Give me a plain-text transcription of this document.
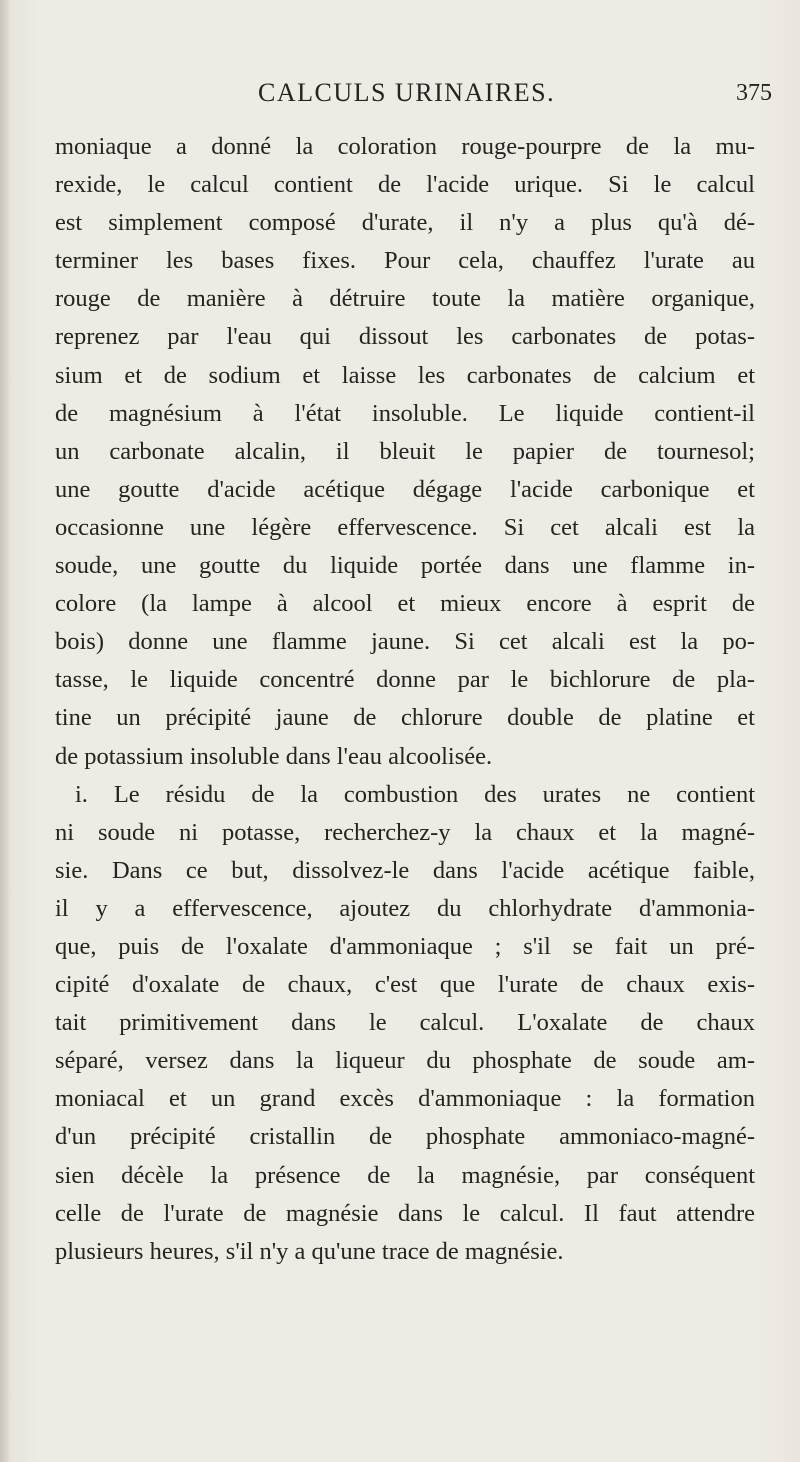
CALCULS URINAIRES.	375
moniaque a donné la coloration rouge-pourpre de la mu-
rexide, le calcul contient de l'acide urique. Si le calcul
est simplement composé d'urate, il n'y a plus qu'à dé-
terminer les bases fixes. Pour cela, chauffez l'urate au
rouge de manière à détruire toute la matière organique,
reprenez par l'eau qui dissout les carbonates de potas-
sium et de sodium et laisse les carbonates de calcium et
de magnésium à l'état insoluble. Le liquide contient-il
un carbonate alcalin, il bleuit le papier de tournesol;
une goutte d'acide acétique dégage l'acide carbonique et
occasionne une légère effervescence. Si cet alcali est la
soude, une goutte du liquide portée dans une flamme in-
colore (la lampe à alcool et mieux encore à esprit de
bois) donne une flamme jaune. Si cet alcali est la po-
tasse, le liquide concentré donne par le bichlorure de pla-
tine un précipité jaune de chlorure double de platine et
de potassium insoluble dans l'eau alcoolisée.
i. Le résidu de la combustion des urates ne contient
ni soude ni potasse, recherchez-y la chaux et la magné-
sie. Dans ce but, dissolvez-le dans l'acide acétique faible,
il y a effervescence, ajoutez du chlorhydrate d'ammonia-
que, puis de l'oxalate d'ammoniaque ; s'il se fait un pré-
cipité d'oxalate de chaux, c'est que l'urate de chaux exis-
tait primitivement dans le calcul. L'oxalate de chaux
séparé, versez dans la liqueur du phosphate de soude am-
moniacal et un grand excès d'ammoniaque : la formation
d'un précipité cristallin de phosphate ammoniaco-magné-
sien décèle la présence de la magnésie, par conséquent
celle de l'urate de magnésie dans le calcul. Il faut attendre
plusieurs heures, s'il n'y a qu'une trace de magnésie.
